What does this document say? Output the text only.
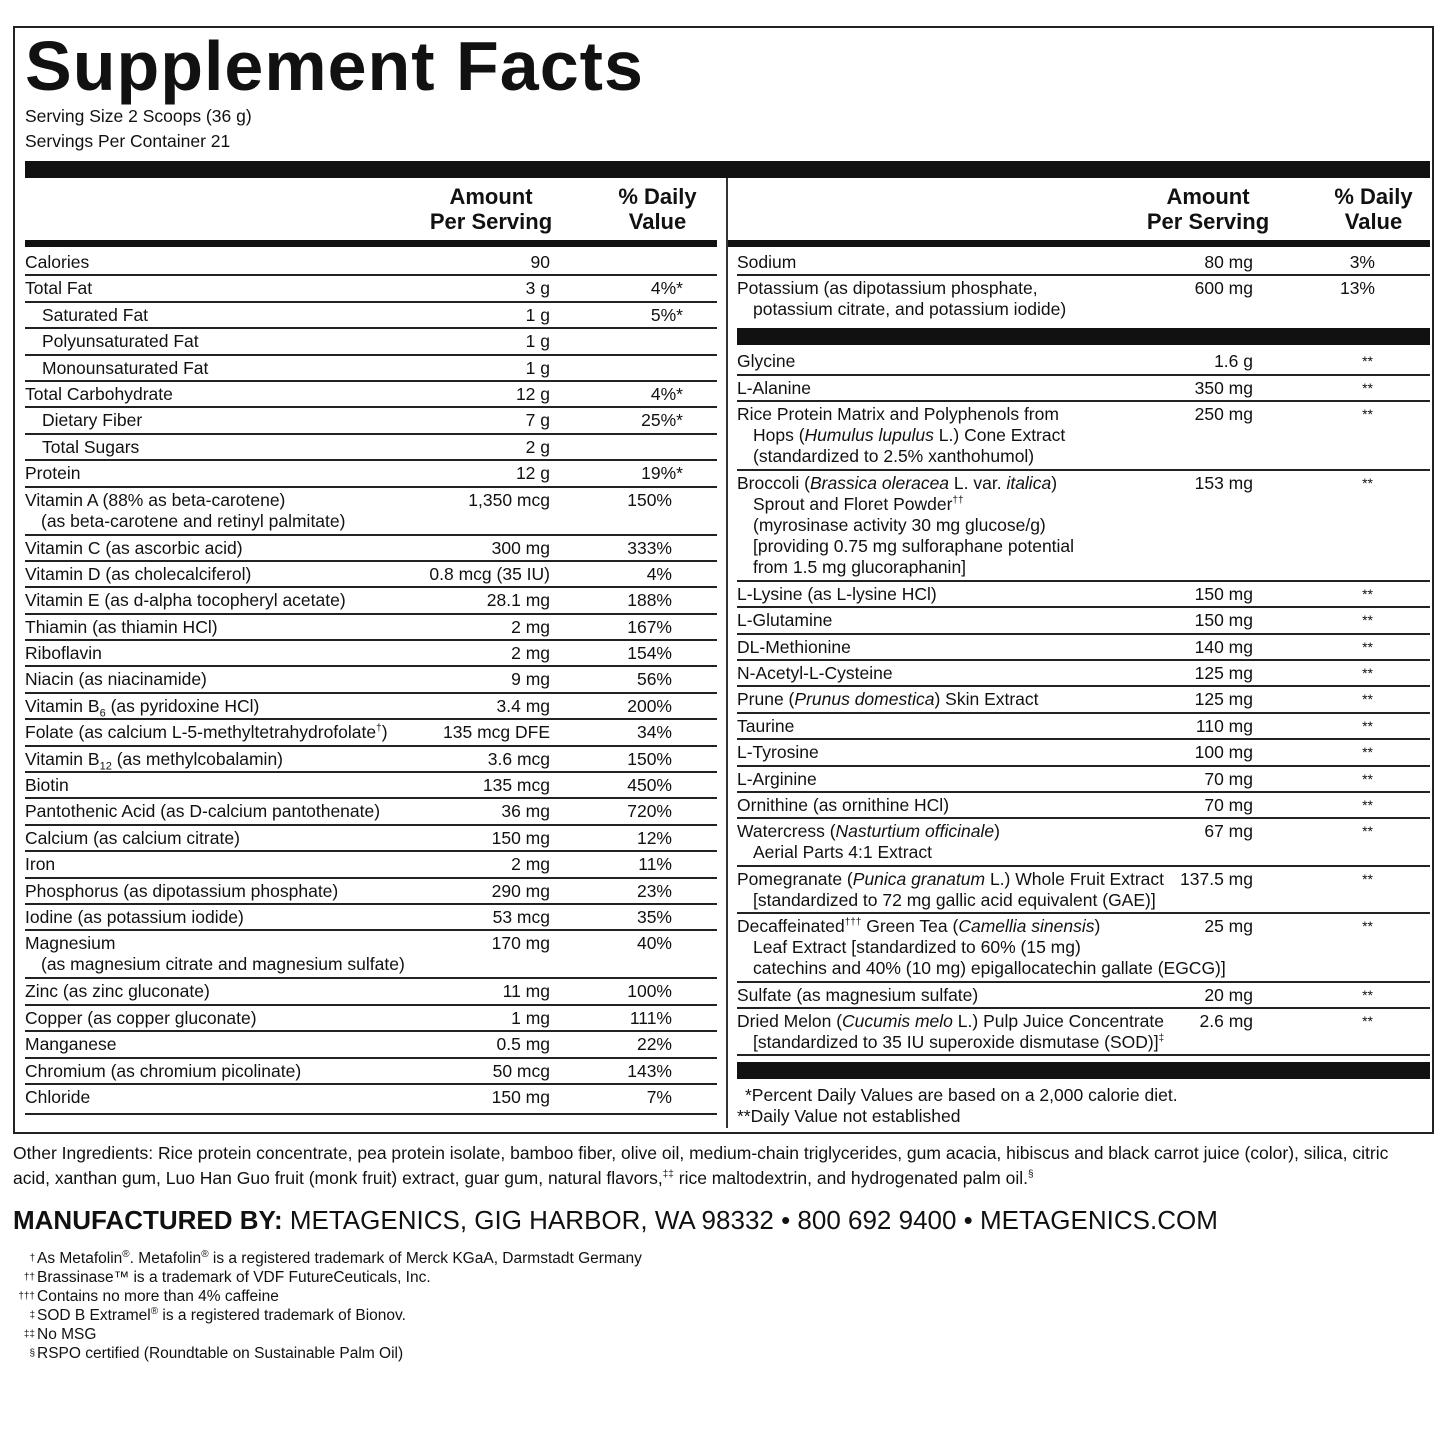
Supplement Facts
Serving Size 2 Scoops (36 g)
Servings Per Container 21
Amount
Per Serving
% Daily
Value
Amount
Per Serving
% Daily
Value
Calories	90
Total Fat	3 g	4%*
Saturated Fat	1 g	5%*
Polyunsaturated Fat	1 g
Monounsaturated Fat	1 g
Total Carbohydrate	12 g	4%*
Dietary Fiber	7 g	25%*
Total Sugars	2 g
Protein	12 g	19%*
Vitamin A (88% as beta-carotene)
(as beta-carotene and retinyl palmitate)
1,350 mcg	150%
Vitamin C (as ascorbic acid)	300 mg	333%
Vitamin D (as cholecalciferol)	0.8 mcg (35 IU)	4%
Vitamin E (as d-alpha tocopheryl acetate)	28.1 mg	188%
Thiamin (as thiamin HCl)	2 mg	167%
Riboflavin	2 mg	154%
Niacin (as niacinamide)	9 mg	56%
Vitamin $B_6$ (as pyridoxine HCl)	3.4 mg	200%
Folate (as calcium L-5-methyltetrahydrofolate†)	135 mcg DFE	34%
Vitamin $B_{12}$ (as methylcobalamin)	3.6 mcg	150%
Biotin	135 mcg	450%
Pantothenic Acid (as D-calcium pantothenate)	36 mg	720%
Calcium (as calcium citrate)	150 mg	12%
Iron	2 mg	11%
Phosphorus (as dipotassium phosphate)	290 mg	23%
Iodine (as potassium iodide)	53 mcg	35%
Magnesium
(as magnesium citrate and magnesium sulfate)
170 mg	40%
Zinc (as zinc gluconate)	11 mg	100%
Copper (as copper gluconate)	1 mg	111%
Manganese	0.5 mg	22%
Chromium (as chromium picolinate)	50 mcg	143%
Chloride	150 mg	7%
Sodium	80 mg	3%
Potassium (as dipotassium phosphate,
potassium citrate, and potassium iodide)
600 mg	13%
Glycine	1.6 g	**
L-Alanine	350 mg	**
Rice Protein Matrix and Polyphenols from
Hops (Humulus lupulus L.) Cone Extract
(standardized to 2.5% xanthohumol)
250 mg	**
Broccoli (Brassica oleracea L. var. italica)
Sprout and Floret Powder††
(myrosinase activity 30 mg glucose/g)
[providing 0.75 mg sulforaphane potential
from 1.5 mg glucoraphanin]
153 mg	**
L-Lysine (as L-lysine HCl)	150 mg	**
L-Glutamine	150 mg	**
DL-Methionine	140 mg	**
N-Acetyl-L-Cysteine	125 mg	**
Prune (Prunus domestica) Skin Extract	125 mg	**
Taurine	110 mg	**
L-Tyrosine	100 mg	**
L-Arginine	70 mg	**
Ornithine (as ornithine HCl)	70 mg	**
Watercress (Nasturtium officinale)
Aerial Parts 4:1 Extract
67 mg	**
Pomegranate (Punica granatum L.) Whole Fruit Extract
[standardized to 72 mg gallic acid equivalent (GAE)]
137.5 mg	**
Decaffeinated††† Green Tea (Camellia sinensis)
Leaf Extract [standardized to 60% (15 mg)
catechins and 40% (10 mg) epigallocatechin gallate (EGCG)]
25 mg	**
Sulfate (as magnesium sulfate)	20 mg	**
Dried Melon (Cucumis melo L.) Pulp Juice Concentrate
[standardized to 35 IU superoxide dismutase (SOD)]‡
2.6 mg	**
*Percent Daily Values are based on a 2,000 calorie diet.
**Daily Value not established
Other Ingredients: Rice protein concentrate, pea protein isolate, bamboo fiber, olive oil, medium-chain triglycerides, gum acacia, hibiscus and black carrot juice (color), silica, citric acid, xanthan gum, Luo Han Guo fruit (monk fruit) extract, guar gum, natural flavors,‡‡ rice maltodextrin, and hydrogenated palm oil.§
MANUFACTURED BY: METAGENICS, GIG HARBOR, WA 98332 • 800 692 9400 • METAGENICS.COM
† As Metafolin®. Metafolin® is a registered trademark of Merck KGaA, Darmstadt Germany
†† Brassinase™ is a trademark of VDF FutureCeuticals, Inc.
††† Contains no more than 4% caffeine
‡ SOD B Extramel® is a registered trademark of Bionov.
‡‡ No MSG
§ RSPO certified (Roundtable on Sustainable Palm Oil)
